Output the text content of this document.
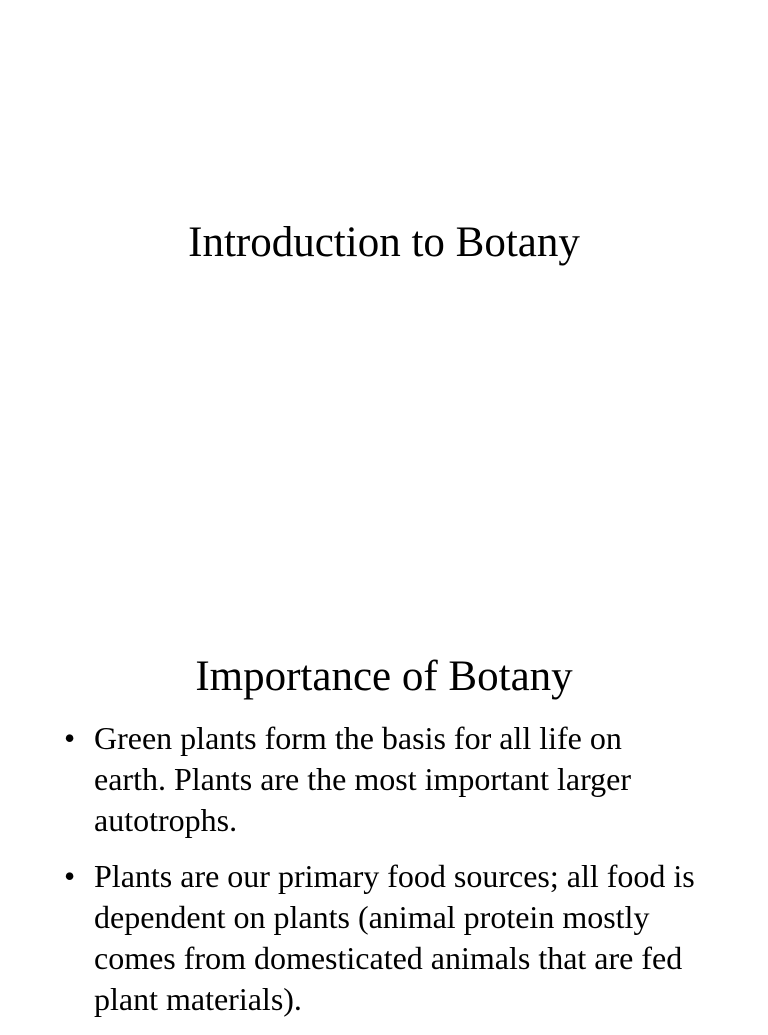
Introduction to Botany
Importance of Botany
• Green plants form the basis for all life on earth. Plants are the most important larger autotrophs.
• Plants are our primary food sources; all food is dependent on plants (animal protein mostly comes from domesticated animals that are fed plant materials).
